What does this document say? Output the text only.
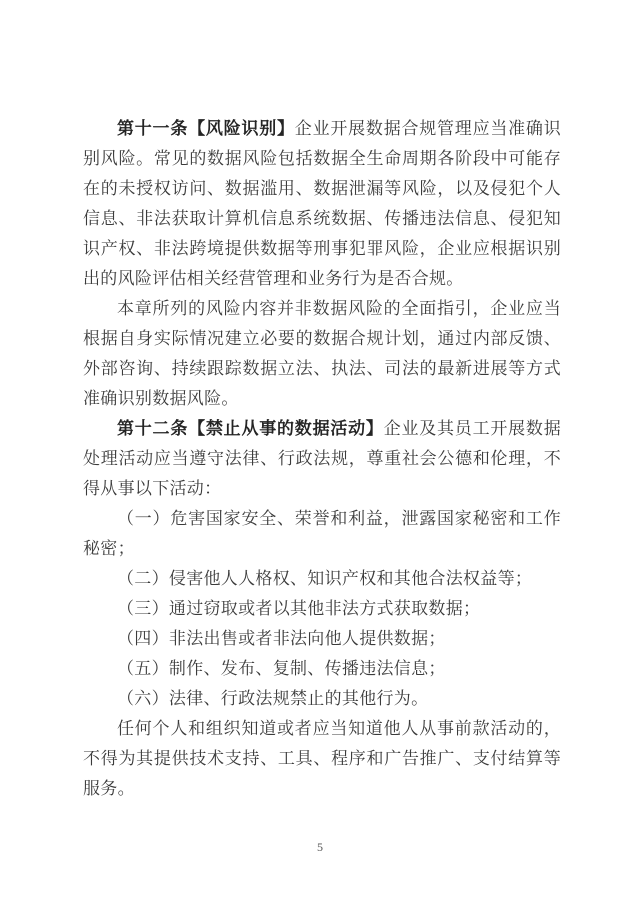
第十一条【风险识别】企业开展数据合规管理应当准确识别风险。常见的数据风险包括数据全生命周期各阶段中可能存在的未授权访问、数据滥用、数据泄漏等风险，以及侵犯个人信息、非法获取计算机信息系统数据、传播违法信息、侵犯知识产权、非法跨境提供数据等刑事犯罪风险，企业应根据识别出的风险评估相关经营管理和业务行为是否合规。

本章所列的风险内容并非数据风险的全面指引，企业应当根据自身实际情况建立必要的数据合规计划，通过内部反馈、外部咨询、持续跟踪数据立法、执法、司法的最新进展等方式准确识别数据风险。

第十二条【禁止从事的数据活动】企业及其员工开展数据处理活动应当遵守法律、行政法规，尊重社会公德和伦理，不得从事以下活动：

（一）危害国家安全、荣誉和利益，泄露国家秘密和工作秘密；

（二）侵害他人人格权、知识产权和其他合法权益等；

（三）通过窃取或者以其他非法方式获取数据；

（四）非法出售或者非法向他人提供数据；

（五）制作、发布、复制、传播违法信息；

（六）法律、行政法规禁止的其他行为。

任何个人和组织知道或者应当知道他人从事前款活动的，不得为其提供技术支持、工具、程序和广告推广、支付结算等服务。

5
